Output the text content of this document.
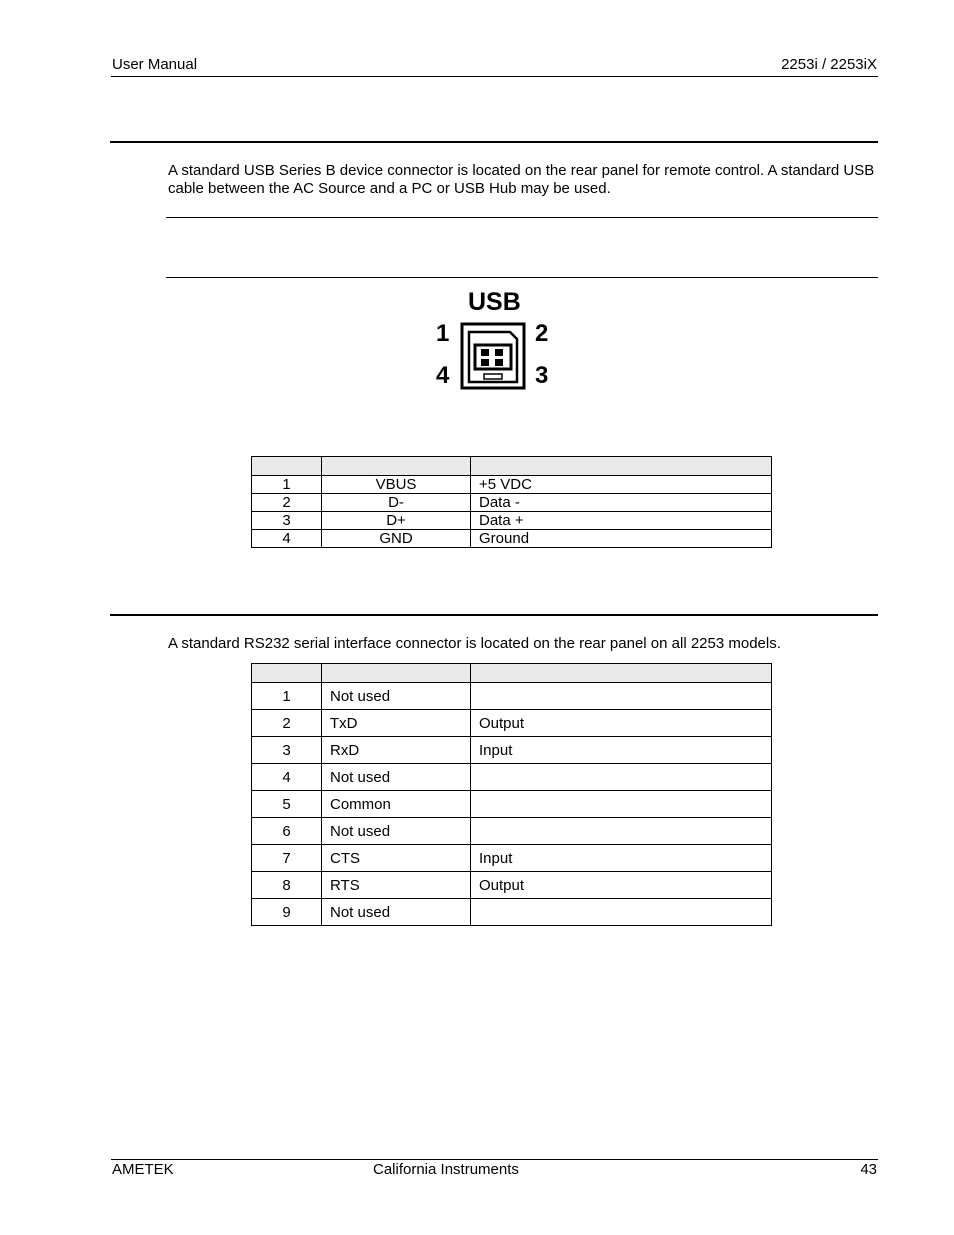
User Manual	2253i / 2253iX
A standard USB Series B device connector is located on the rear panel for remote control. A standard USB cable between the AC Source and a PC or USB Hub may be used.
USB
1	2
4	3

1	VBUS	+5 VDC
2	D-	Data -
3	D+	Data +
4	GND	Ground
A standard RS232 serial interface connector is located on the rear panel on all 2253 models.

1	Not used	
2	TxD	Output
3	RxD	Input
4	Not used	
5	Common	
6	Not used	
7	CTS	Input
8	RTS	Output
9	Not used	
AMETEK	California Instruments	43
